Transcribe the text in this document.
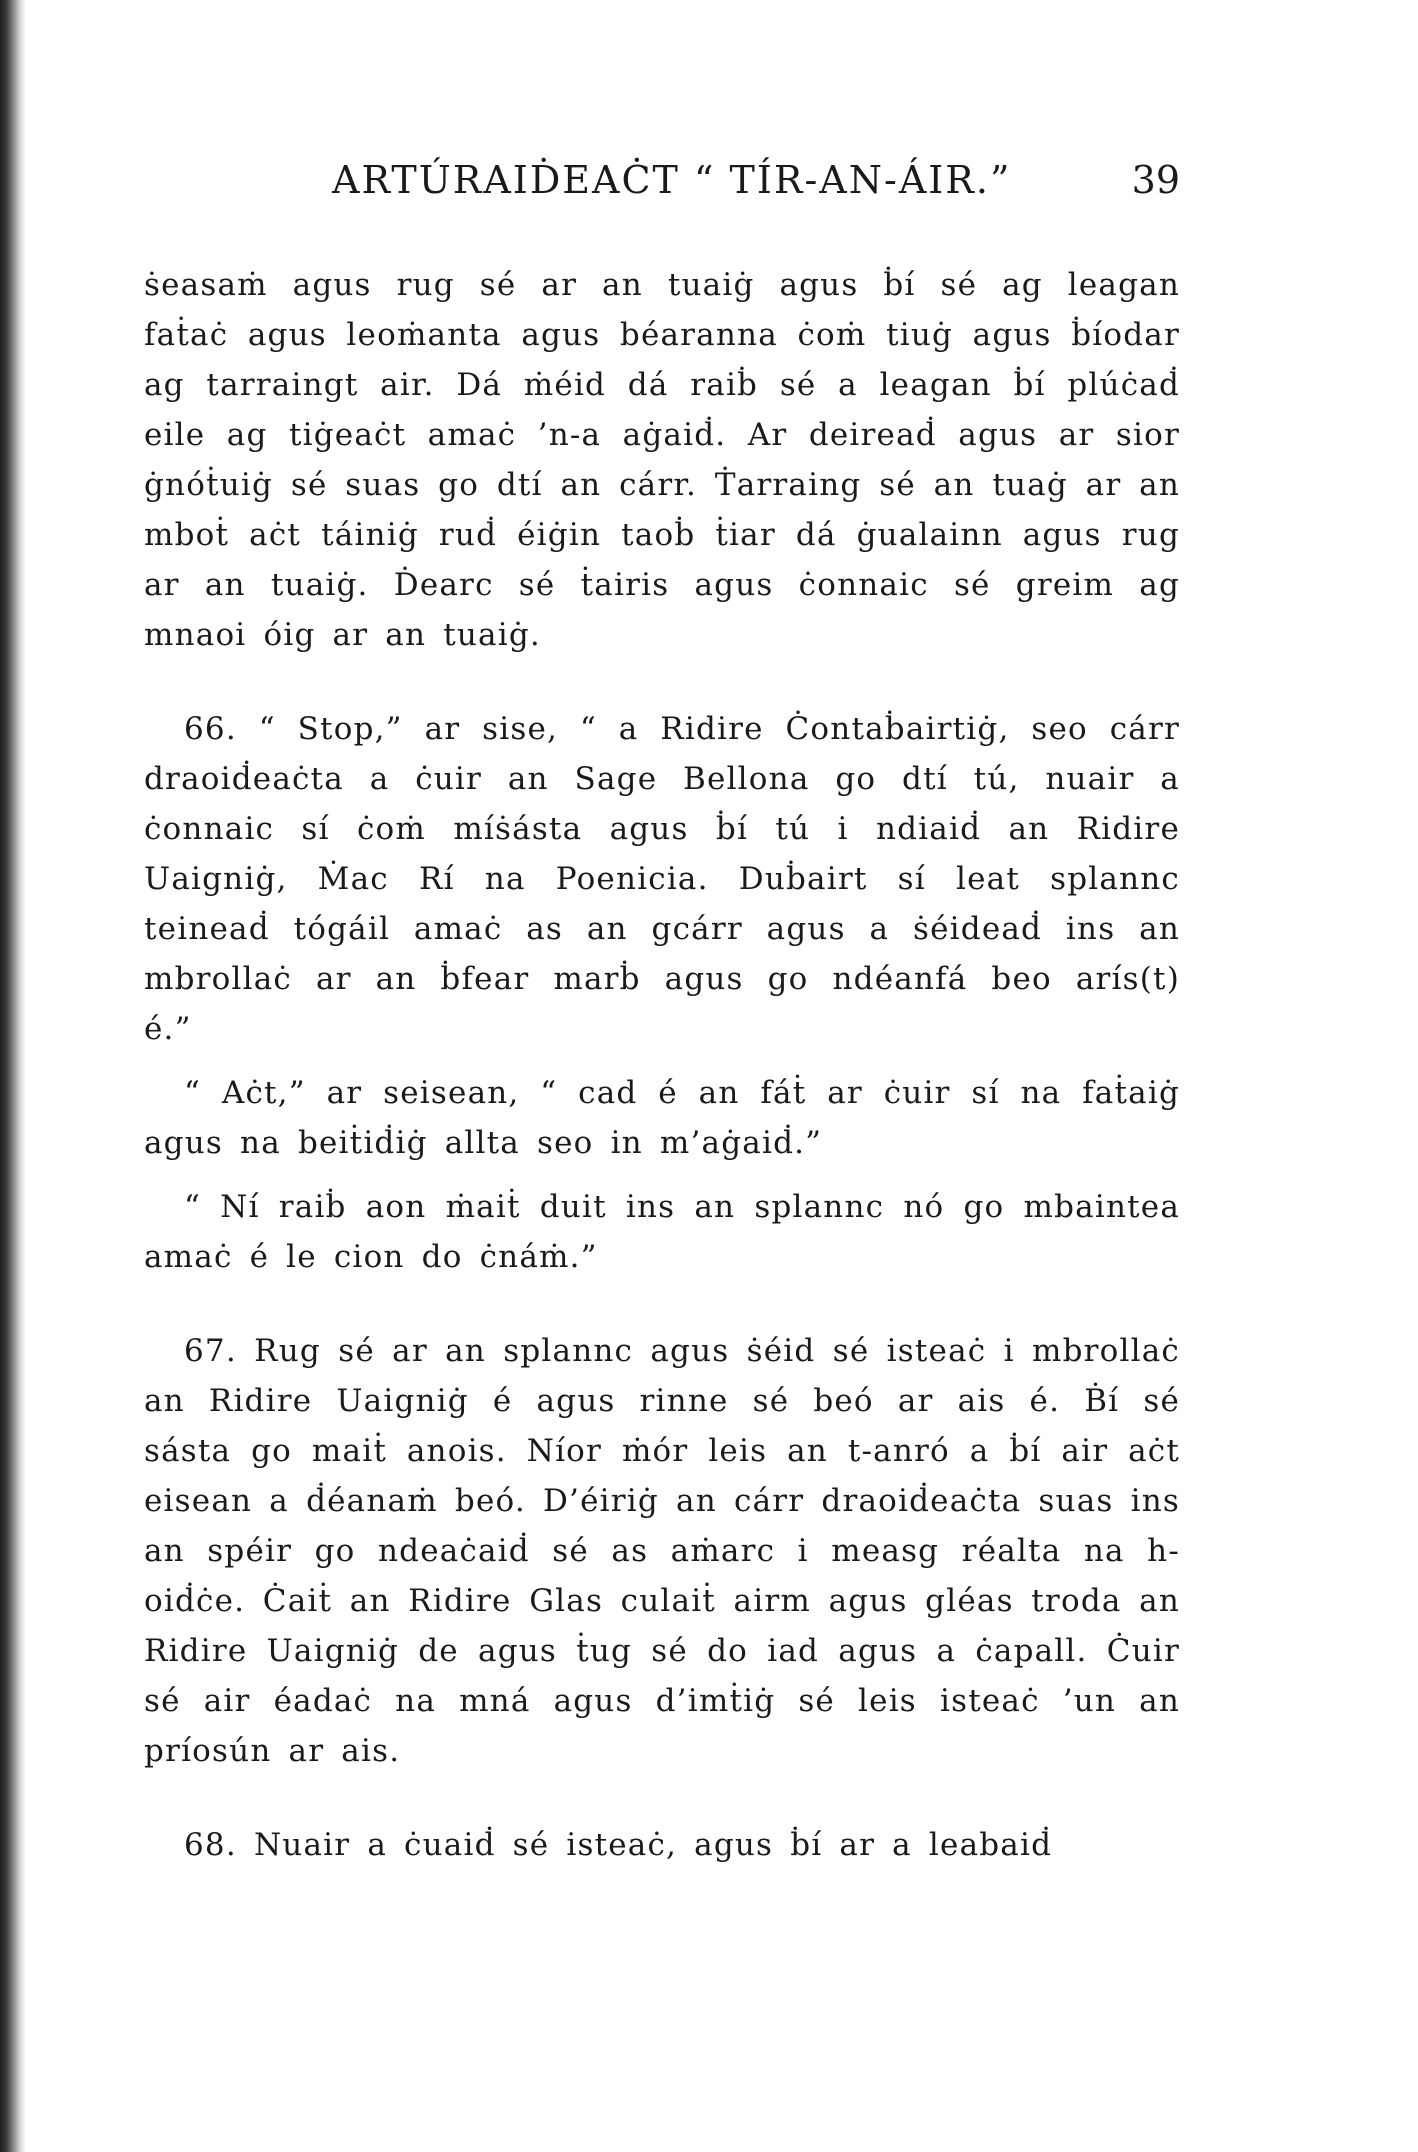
ARTÚRAIḊEAĊT “ TÍR-AN-ÁIR.”	39

ṡeasaṁ agus rug sé ar an tuaiġ agus ḃí sé ag leagan faṫaċ agus leoṁanta agus béaranna ċoṁ tiuġ agus ḃíodar ag tarraingt air. Dá ṁéid dá raiḃ sé a leagan ḃí plúċaḋ eile ag tiġeaċt amaċ ’n-a aġaiḋ. Ar deireaḋ agus ar sior ġnóṫuiġ sé suas go dtí an cárr. Ṫarraing sé an tuaġ ar an mboṫ aċt táiniġ ruḋ éiġin taoḃ ṫiar dá ġualainn agus rug ar an tuaiġ. Ḋearc sé ṫairis agus ċonnaic sé greim ag mnaoi óig ar an tuaiġ.

66. “ Stop,” ar sise, “ a Ridire Ċontaḃairtiġ, seo cárr draoiḋeaċta a ċuir an Sage Bellona go dtí tú, nuair a ċonnaic sí ċoṁ míṡásta agus ḃí tú i ndiaiḋ an Ridire Uaigniġ, Ṁac Rí na Poenicia. Duḃairt sí leat splannc teineaḋ tógáil amaċ as an gcárr agus a ṡéideaḋ ins an mbrollaċ ar an ḃfear marḃ agus go ndéanfá beo arís(t) é.”

“ Aċt,” ar seisean, “ cad é an fáṫ ar ċuir sí na faṫaiġ agus na beiṫiḋiġ allta seo in m’aġaiḋ.”

“ Ní raiḃ aon ṁaiṫ duit ins an splannc nó go mbaintea amaċ é le cion do ċnáṁ.”

67. Rug sé ar an splannc agus ṡéid sé isteaċ i mbrollaċ an Ridire Uaigniġ é agus rinne sé beó ar ais é. Ḃí sé sásta go maiṫ anois. Níor ṁór leis an t-anró a ḃí air aċt eisean a ḋéanaṁ beó. D’éiriġ an cárr draoiḋeaċta suas ins an spéir go ndeaċaiḋ sé as aṁarc i measg réalta na h-oiḋċe. Ċaiṫ an Ridire Glas culaiṫ airm agus gléas troda an Ridire Uaigniġ de agus ṫug sé do iad agus a ċapall. Ċuir sé air éadaċ na mná agus d’imṫiġ sé leis isteaċ ’un an príosún ar ais.

68. Nuair a ċuaiḋ sé isteaċ, agus ḃí ar a leabaiḋ
